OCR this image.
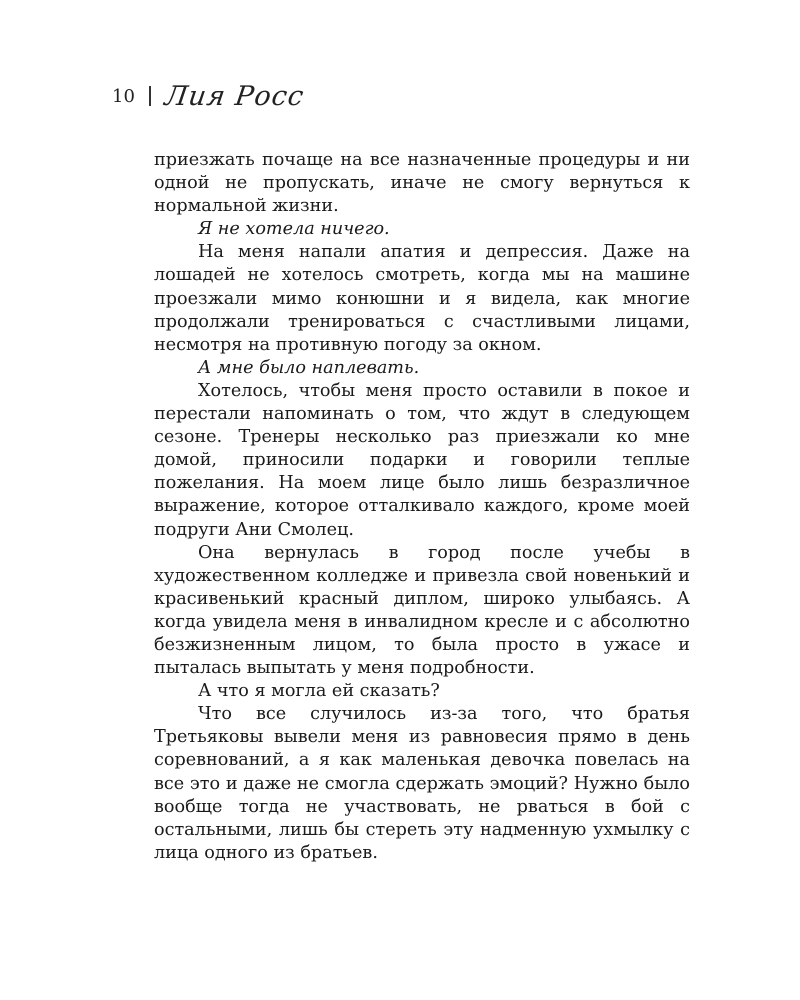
10 Лия Росс

приезжать почаще на все назначенные процедуры и ни одной не пропускать, иначе не смогу вернуться к нормальной жизни.

Я не хотела ничего.

На меня напали апатия и депрессия. Даже на лошадей не хотелось смотреть, когда мы на машине проезжали мимо конюшни и я видела, как многие продолжали тренироваться с счастливыми лицами, несмотря на противную погоду за окном.

А мне было наплевать.

Хотелось, чтобы меня просто оставили в покое и перестали напоминать о том, что ждут в следующем сезоне. Тренеры несколько раз приезжали ко мне домой, приносили подарки и говорили теплые пожелания. На моем лице было лишь безразличное выражение, которое отталкивало каждого, кроме моей подруги Ани Смолец.

Она вернулась в город после учебы в художественном колледже и привезла свой новенький и красивенький красный диплом, широко улыбаясь. А когда увидела меня в инвалидном кресле и с абсолютно безжизненным лицом, то была просто в ужасе и пыталась выпытать у меня подробности.

А что я могла ей сказать?

Что все случилось из-за того, что братья Третьяковы вывели меня из равновесия прямо в день соревнований, а я как маленькая девочка повелась на все это и даже не смогла сдержать эмоций? Нужно было вообще тогда не участвовать, не рваться в бой с остальными, лишь бы стереть эту надменную ухмылку с лица одного из братьев.
